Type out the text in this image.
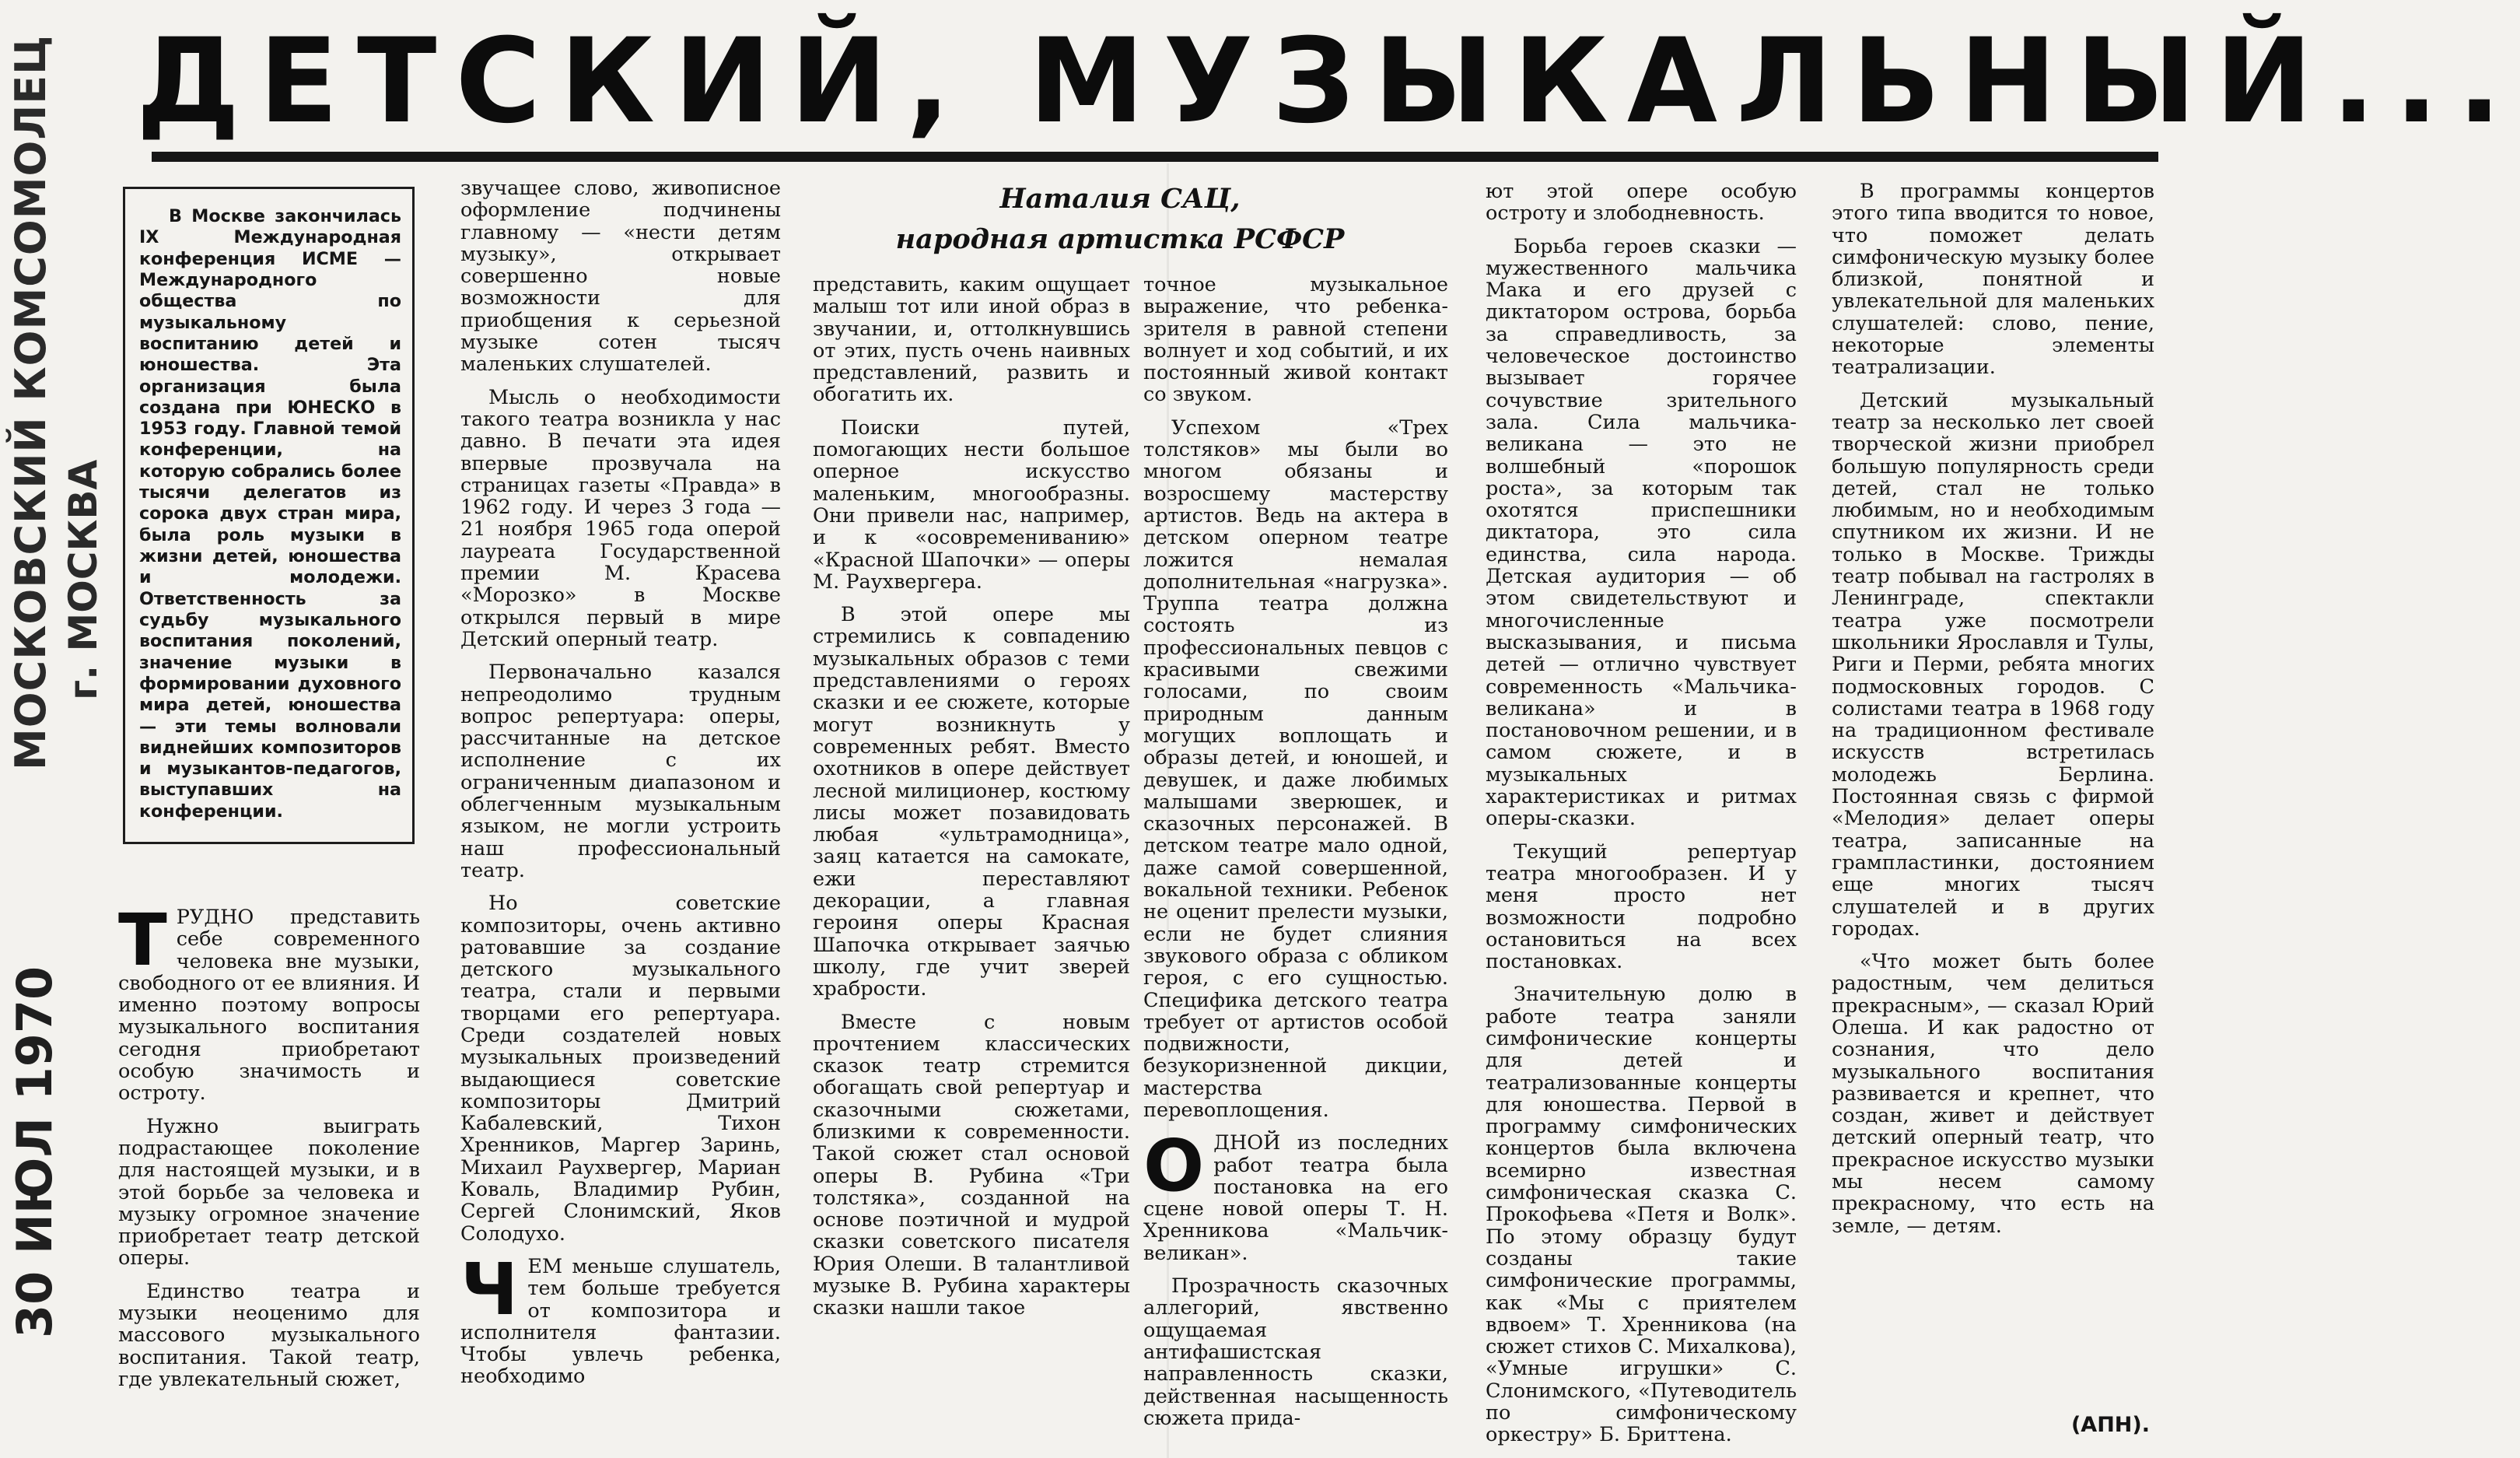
ДЕТСКИЙ, МУЗЫКАЛЬНЫЙ...
МОСКОВСКИЙ КОМСОМОЛЕЦ г. МОСКВА
30 ИЮЛ 1970

В Москве закончилась IX Международная конференция ИСМЕ — Международного общества по музыкальному воспитанию детей и юношества. Эта организация была создана при ЮНЕСКО в 1953 году. Главной темой конференции, на которую собрались более тысячи делегатов из сорока двух стран мира, была роль музыки в жизни детей, юношества и молодежи. Ответственность за судьбу музыкального воспитания поколений, значение музыки в формировании духовного мира детей, юношества — эти темы волновали виднейших композиторов и музыкантов-педагогов, выступавших на конференции.

Наталия САЦ,
народная артистка РСФСР

ТРУДНО представить себе современного человека вне музыки, свободного от ее влияния. И именно поэтому вопросы музыкального воспитания сегодня приобретают особую значимость и остроту.

Нужно выиграть подрастающее поколение для настоящей музыки, и в этой борьбе за человека и музыку огромное значение приобретает театр детской оперы.

Единство театра и музыки неоценимо для массового музыкального воспитания. Такой театр, где увлекательный сюжет,

звучащее слово, живописное оформление подчинены главному — «нести детям музыку», открывает совершенно новые возможности для приобщения к серьезной музыке сотен тысяч маленьких слушателей.

Мысль о необходимости такого театра возникла у нас давно. В печати эта идея впервые прозвучала на страницах газеты «Правда» в 1962 году. И через 3 года — 21 ноября 1965 года оперой лауреата Государственной премии М. Красева «Морозко» в Москве открылся первый в мире Детский оперный театр.

Первоначально казался непреодолимо трудным вопрос репертуара: оперы, рассчитанные на детское исполнение с их ограниченным диапазоном и облегченным музыкальным языком, не могли устроить наш профессиональный театр.

Но советские композиторы, очень активно ратовавшие за создание детского музыкального театра, стали и первыми творцами его репертуара. Среди создателей новых музыкальных произведений выдающиеся советские композиторы Дмитрий Кабалевский, Тихон Хренников, Маргер Заринь, Михаил Раухвергер, Мариан Коваль, Владимир Рубин, Сергей Слонимский, Яков Солодухо.

ЧЕМ меньше слушатель, тем больше требуется от композитора и исполнителя фантазии. Чтобы увлечь ребенка, необходимо

представить, каким ощущает малыш тот или иной образ в звучании, и, оттолкнувшись от этих, пусть очень наивных представлений, развить и обогатить их.

Поиски путей, помогающих нести большое оперное искусство маленьким, многообразны. Они привели нас, например, и к «осовремениванию» «Красной Шапочки» — оперы М. Раухвергера.

В этой опере мы стремились к совпадению музыкальных образов с теми представлениями о героях сказки и ее сюжете, которые могут возникнуть у современных ребят. Вместо охотников в опере действует лесной милиционер, костюму лисы может позавидовать любая «ультрамодница», заяц катается на самокате, ежи переставляют декорации, а главная героиня оперы Красная Шапочка открывает заячью школу, где учит зверей храбрости.

Вместе с новым прочтением классических сказок театр стремится обогащать свой репертуар и сказочными сюжетами, близкими к современности. Такой сюжет стал основой оперы В. Рубина «Три толстяка», созданной на основе поэтичной и мудрой сказки советского писателя Юрия Олеши. В талантливой музыке В. Рубина характеры сказки нашли такое

точное музыкальное выражение, что ребенка-зрителя в равной степени волнует и ход событий, и их постоянный живой контакт со звуком.

Успехом «Трех толстяков» мы были во многом обязаны и возросшему мастерству артистов. Ведь на актера в детском оперном театре ложится немалая дополнительная «нагрузка». Труппа театра должна состоять из профессиональных певцов с красивыми свежими голосами, по своим природным данным могущих воплощать и образы детей, и юношей, и девушек, и даже любимых малышами зверюшек, и сказочных персонажей. В детском театре мало одной, даже самой совершенной, вокальной техники. Ребенок не оценит прелести музыки, если не будет слияния звукового образа с обликом героя, с его сущностью. Специфика детского театра требует от артистов особой подвижности, безукоризненной дикции, мастерства перевоплощения.

ОДНОЙ из последних работ театра была постановка на его сцене новой оперы Т. Н. Хренникова «Мальчик-великан».

Прозрачность сказочных аллегорий, явственно ощущаемая антифашистская направленность сказки, действенная насыщенность сюжета прида-

ют этой опере особую остроту и злободневность.

Борьба героев сказки — мужественного мальчика Мака и его друзей с диктатором острова, борьба за справедливость, за человеческое достоинство вызывает горячее сочувствие зрительного зала. Сила мальчика-великана — это не волшебный «порошок роста», за которым так охотятся приспешники диктатора, это сила единства, сила народа. Детская аудитория — об этом свидетельствуют и многочисленные высказывания, и письма детей — отлично чувствует современность «Мальчика-великана» и в постановочном решении, и в самом сюжете, и в музыкальных характеристиках и ритмах оперы-сказки.

Текущий репертуар театра многообразен. И у меня просто нет возможности подробно остановиться на всех постановках.

Значительную долю в работе театра заняли симфонические концерты для детей и театрализованные концерты для юношества. Первой в программу симфонических концертов была включена всемирно известная симфоническая сказка С. Прокофьева «Петя и Волк». По этому образцу будут созданы такие симфонические программы, как «Мы с приятелем вдвоем» Т. Хренникова (на сюжет стихов С. Михалкова), «Умные игрушки» С. Слонимского, «Путеводитель по симфоническому оркестру» Б. Бриттена.

В программы концертов этого типа вводится то новое, что поможет делать симфоническую музыку более близкой, понятной и увлекательной для маленьких слушателей: слово, пение, некоторые элементы театрализации.

Детский музыкальный театр за несколько лет своей творческой жизни приобрел большую популярность среди детей, стал не только любимым, но и необходимым спутником их жизни. И не только в Москве. Трижды театр побывал на гастролях в Ленинграде, спектакли театра уже посмотрели школьники Ярославля и Тулы, Риги и Перми, ребята многих подмосковных городов. С солистами театра в 1968 году на традиционном фестивале искусств встретилась молодежь Берлина. Постоянная связь с фирмой «Мелодия» делает оперы театра, записанные на грампластинки, достоянием еще многих тысяч слушателей и в других городах.

«Что может быть более радостным, чем делиться прекрасным», — сказал Юрий Олеша. И как радостно от сознания, что дело музыкального воспитания развивается и крепнет, что создан, живет и действует детский оперный театр, что прекрасное искусство музыки мы несем самому прекрасному, что есть на земле, — детям.

(АПН).
